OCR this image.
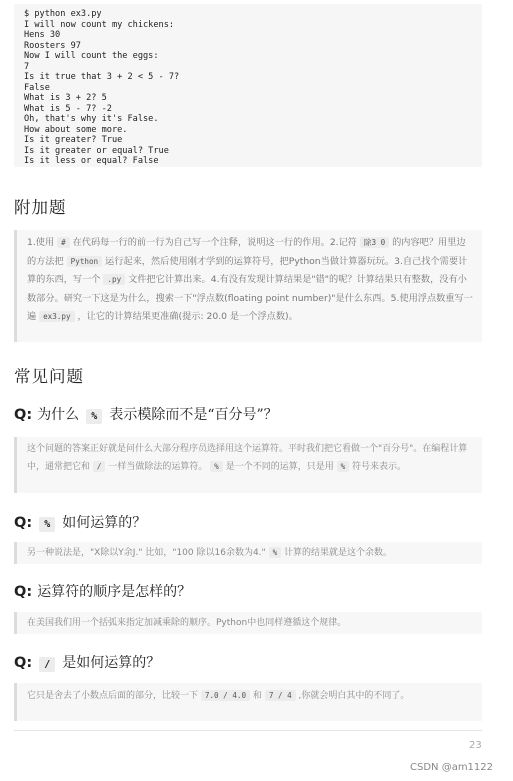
$ python ex3.py
I will now count my chickens:
Hens 30
Roosters 97
Now I will count the eggs:
7
Is it true that 3 + 2 < 5 - 7?
False
What is 3 + 2? 5
What is 5 - 7? -2
Oh, that's why it's False.
How about some more.
Is it greater? True
Is it greater or equal? True
Is it less or equal? False
附加题
1.使用 # 在代码每一行的前一行为自己写一个注释，说明这一行的作用。2.记符 除3 0 的内容吧？用里边的方法把 Python 运行起来，然后使用刚才学到的运算符号，把Python当做计算器玩玩。3.自己找个需要计算的东西，写一个 .py 文件把它计算出来。4.有没有发现计算结果是"错"的呢？计算结果只有整数，没有小数部分。研究一下这是为什么，搜索一下"浮点数(floating point number)"是什么东西。5.使用浮点数重写一遍 ex3.py ，让它的计算结果更准确(提示: 20.0 是一个浮点数)。
常见问题
Q: 为什么 % 表示模除而不是“百分号”？
这个问题的答案正好就是问什么大部分程序员选择用这个运算符。平时我们把它看做一个"百分号"。在编程计算中，通常把它和 / 一样当做除法的运算符。 % 是一个不同的运算，只是用 % 符号来表示。
Q: % 如何运算的？
另一种说法是，"X除以Y余J." 比如，"100 除以16余数为4." % 计算的结果就是这个余数。
Q: 运算符的顺序是怎样的？
在美国我们用一个括弧来指定加减乘除的顺序。Python中也同样遵循这个规律。
Q: / 是如何运算的？
它只是舍去了小数点后面的部分，比较一下 7.0 / 4.0 和 7 / 4 ,你就会明白其中的不同了。
23
CSDN @am1122
